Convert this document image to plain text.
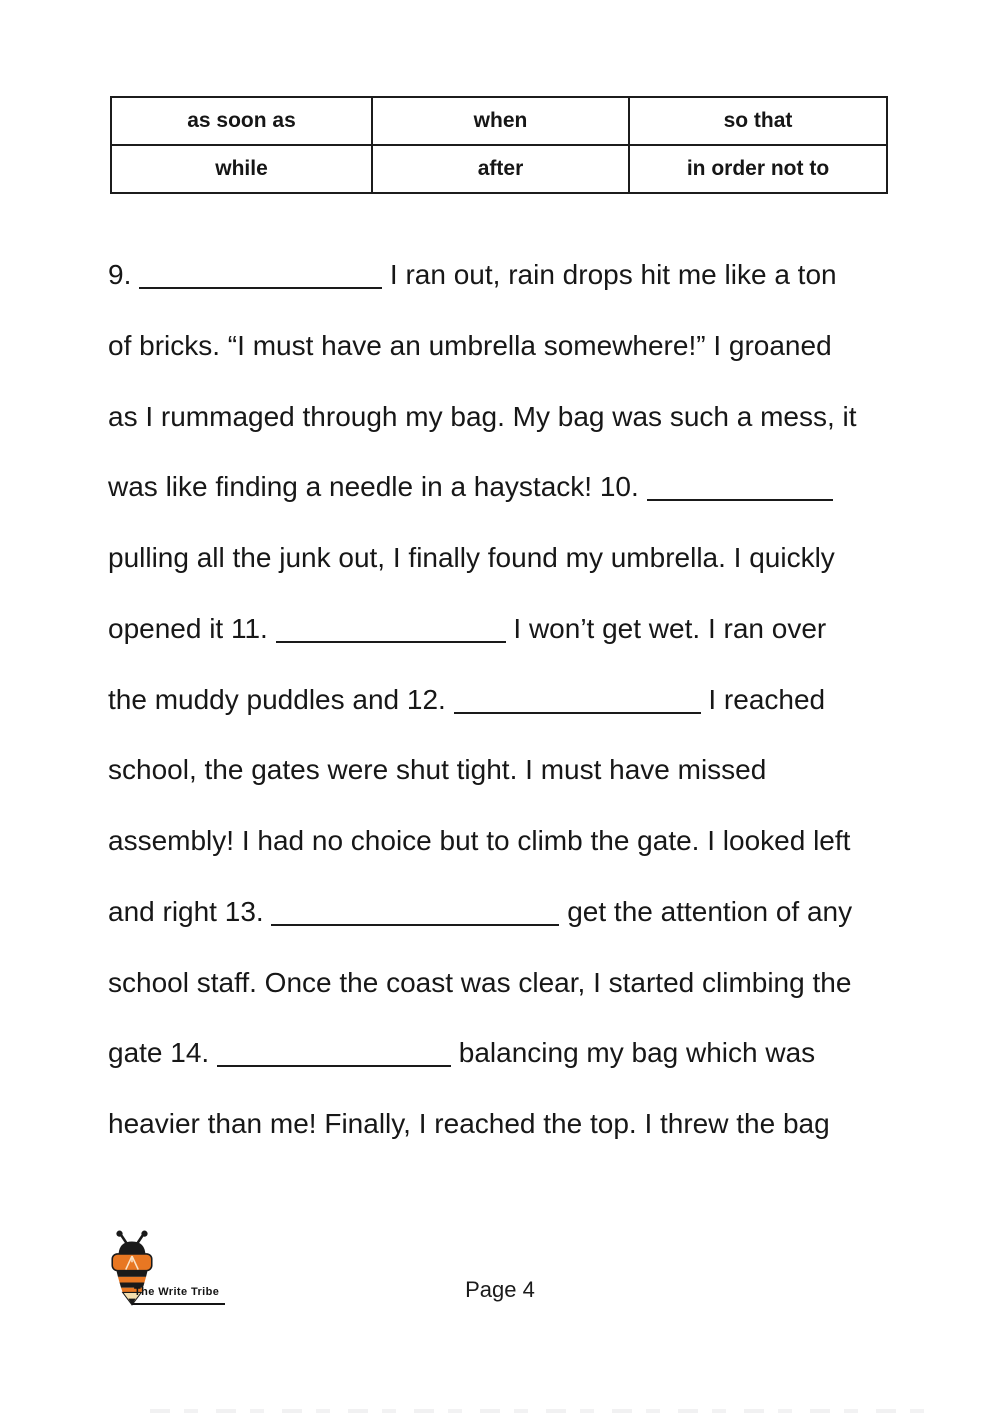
as soon as	when	so that
while	after	in order not to
9.	I ran out, rain drops hit me like a ton
of bricks. “I must have an umbrella somewhere!” I groaned
as I rummaged through my bag. My bag was such a mess, it
was like finding a needle in a haystack! 10.
pulling all the junk out, I finally found my umbrella. I quickly
opened it 11.	I won’t get wet. I ran over
the muddy puddles and 12.	I reached
school, the gates were shut tight. I must have missed
assembly! I had no choice but to climb the gate. I looked left
and right 13.	get the attention of any
school staff. Once the coast was clear, I started climbing the
gate 14.	balancing my bag which was
heavier than me! Finally, I reached the top. I threw the bag
The Write Tribe	Page 4
